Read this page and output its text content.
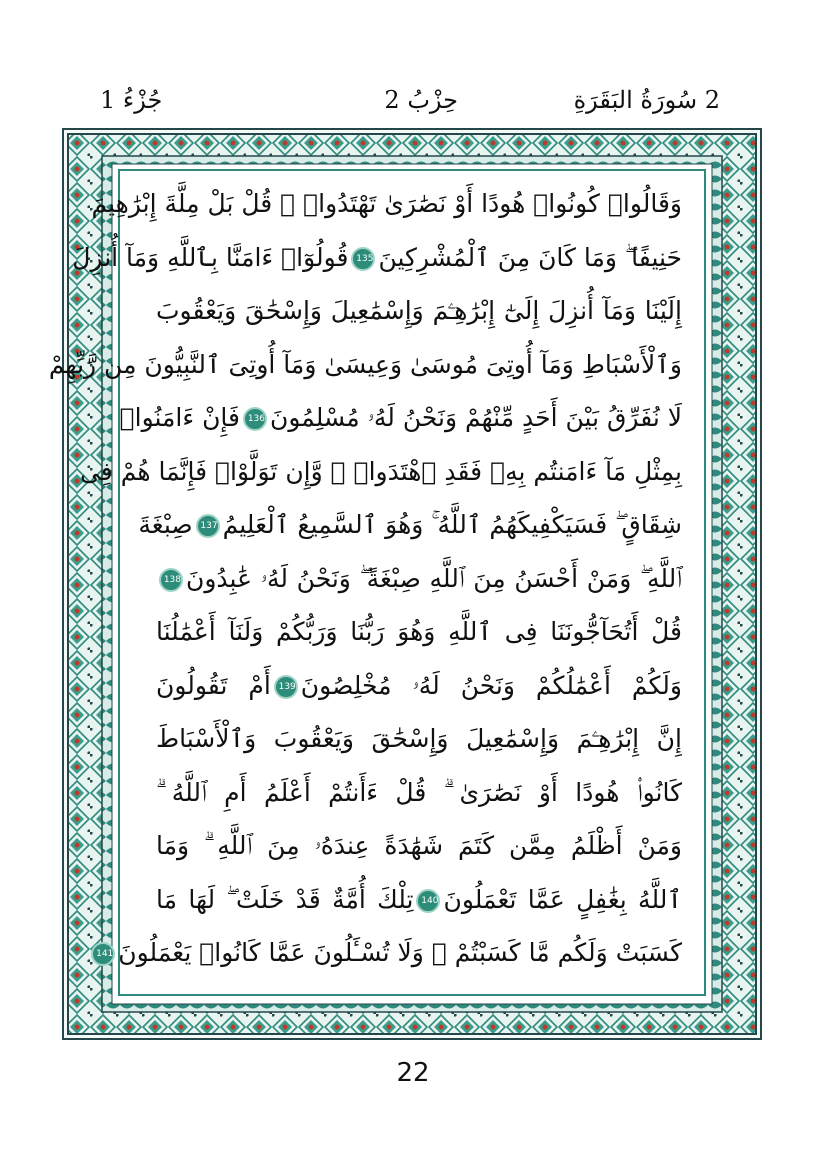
2 سُورَةُ البَقَرَةِ
حِزْبُ 2
جُزْءُ 1
وَقَالُوا۟ كُونُوا۟ هُودًا أَوْ نَصَٰرَىٰ تَهْتَدُوا۟ ۗ قُلْ بَلْ مِلَّةَ إِبْرَٰهِيمَ
حَنِيفًا ۖ وَمَا كَانَ مِنَ ٱلْمُشْرِكِينَ135قُولُوٓا۟ ءَامَنَّا بِٱللَّهِ وَمَآ أُنزِلَ
إِلَيْنَا وَمَآ أُنزِلَ إِلَىٰٓ إِبْرَٰهِـۧمَ وَإِسْمَٰعِيلَ وَإِسْحَٰقَ وَيَعْقُوبَ
وَٱلْأَسْبَاطِ وَمَآ أُوتِىَ مُوسَىٰ وَعِيسَىٰ وَمَآ أُوتِىَ ٱلنَّبِيُّونَ مِن رَّبِّهِمْ
لَا نُفَرِّقُ بَيْنَ أَحَدٍ مِّنْهُمْ وَنَحْنُ لَهُۥ مُسْلِمُونَ136فَإِنْ ءَامَنُوا۟
بِمِثْلِ مَآ ءَامَنتُم بِهِۦ فَقَدِ ٱهْتَدَوا۟ ۖ وَّإِن تَوَلَّوْا۟ فَإِنَّمَا هُمْ فِى
شِقَاقٍ ۖ فَسَيَكْفِيكَهُمُ ٱللَّهُ ۚ وَهُوَ ٱلسَّمِيعُ ٱلْعَلِيمُ137صِبْغَةَ
ٱللَّهِ ۖ وَمَنْ أَحْسَنُ مِنَ ٱللَّهِ صِبْغَةً ۖ وَنَحْنُ لَهُۥ عَٰبِدُونَ138
قُلْ أَتُحَآجُّونَنَا فِى ٱللَّهِ وَهُوَ رَبُّنَا وَرَبُّكُمْ وَلَنَآ أَعْمَٰلُنَا
وَلَكُمْ أَعْمَٰلُكُمْ وَنَحْنُ لَهُۥ مُخْلِصُونَ139أَمْ تَقُولُونَ
إِنَّ إِبْرَٰهِـۧمَ وَإِسْمَٰعِيلَ وَإِسْحَٰقَ وَيَعْقُوبَ وَٱلْأَسْبَاطَ
كَانُوا۟ هُودًا أَوْ نَصَٰرَىٰ ۗ قُلْ ءَأَنتُمْ أَعْلَمُ أَمِ ٱللَّهُ ۗ
وَمَنْ أَظْلَمُ مِمَّن كَتَمَ شَهَٰدَةً عِندَهُۥ مِنَ ٱللَّهِ ۗ وَمَا
ٱللَّهُ بِغَٰفِلٍ عَمَّا تَعْمَلُونَ140تِلْكَ أُمَّةٌ قَدْ خَلَتْ ۖ لَهَا مَا
كَسَبَتْ وَلَكُم مَّا كَسَبْتُمْ ۖ وَلَا تُسْـَٔلُونَ عَمَّا كَانُوا۟ يَعْمَلُونَ141
22
